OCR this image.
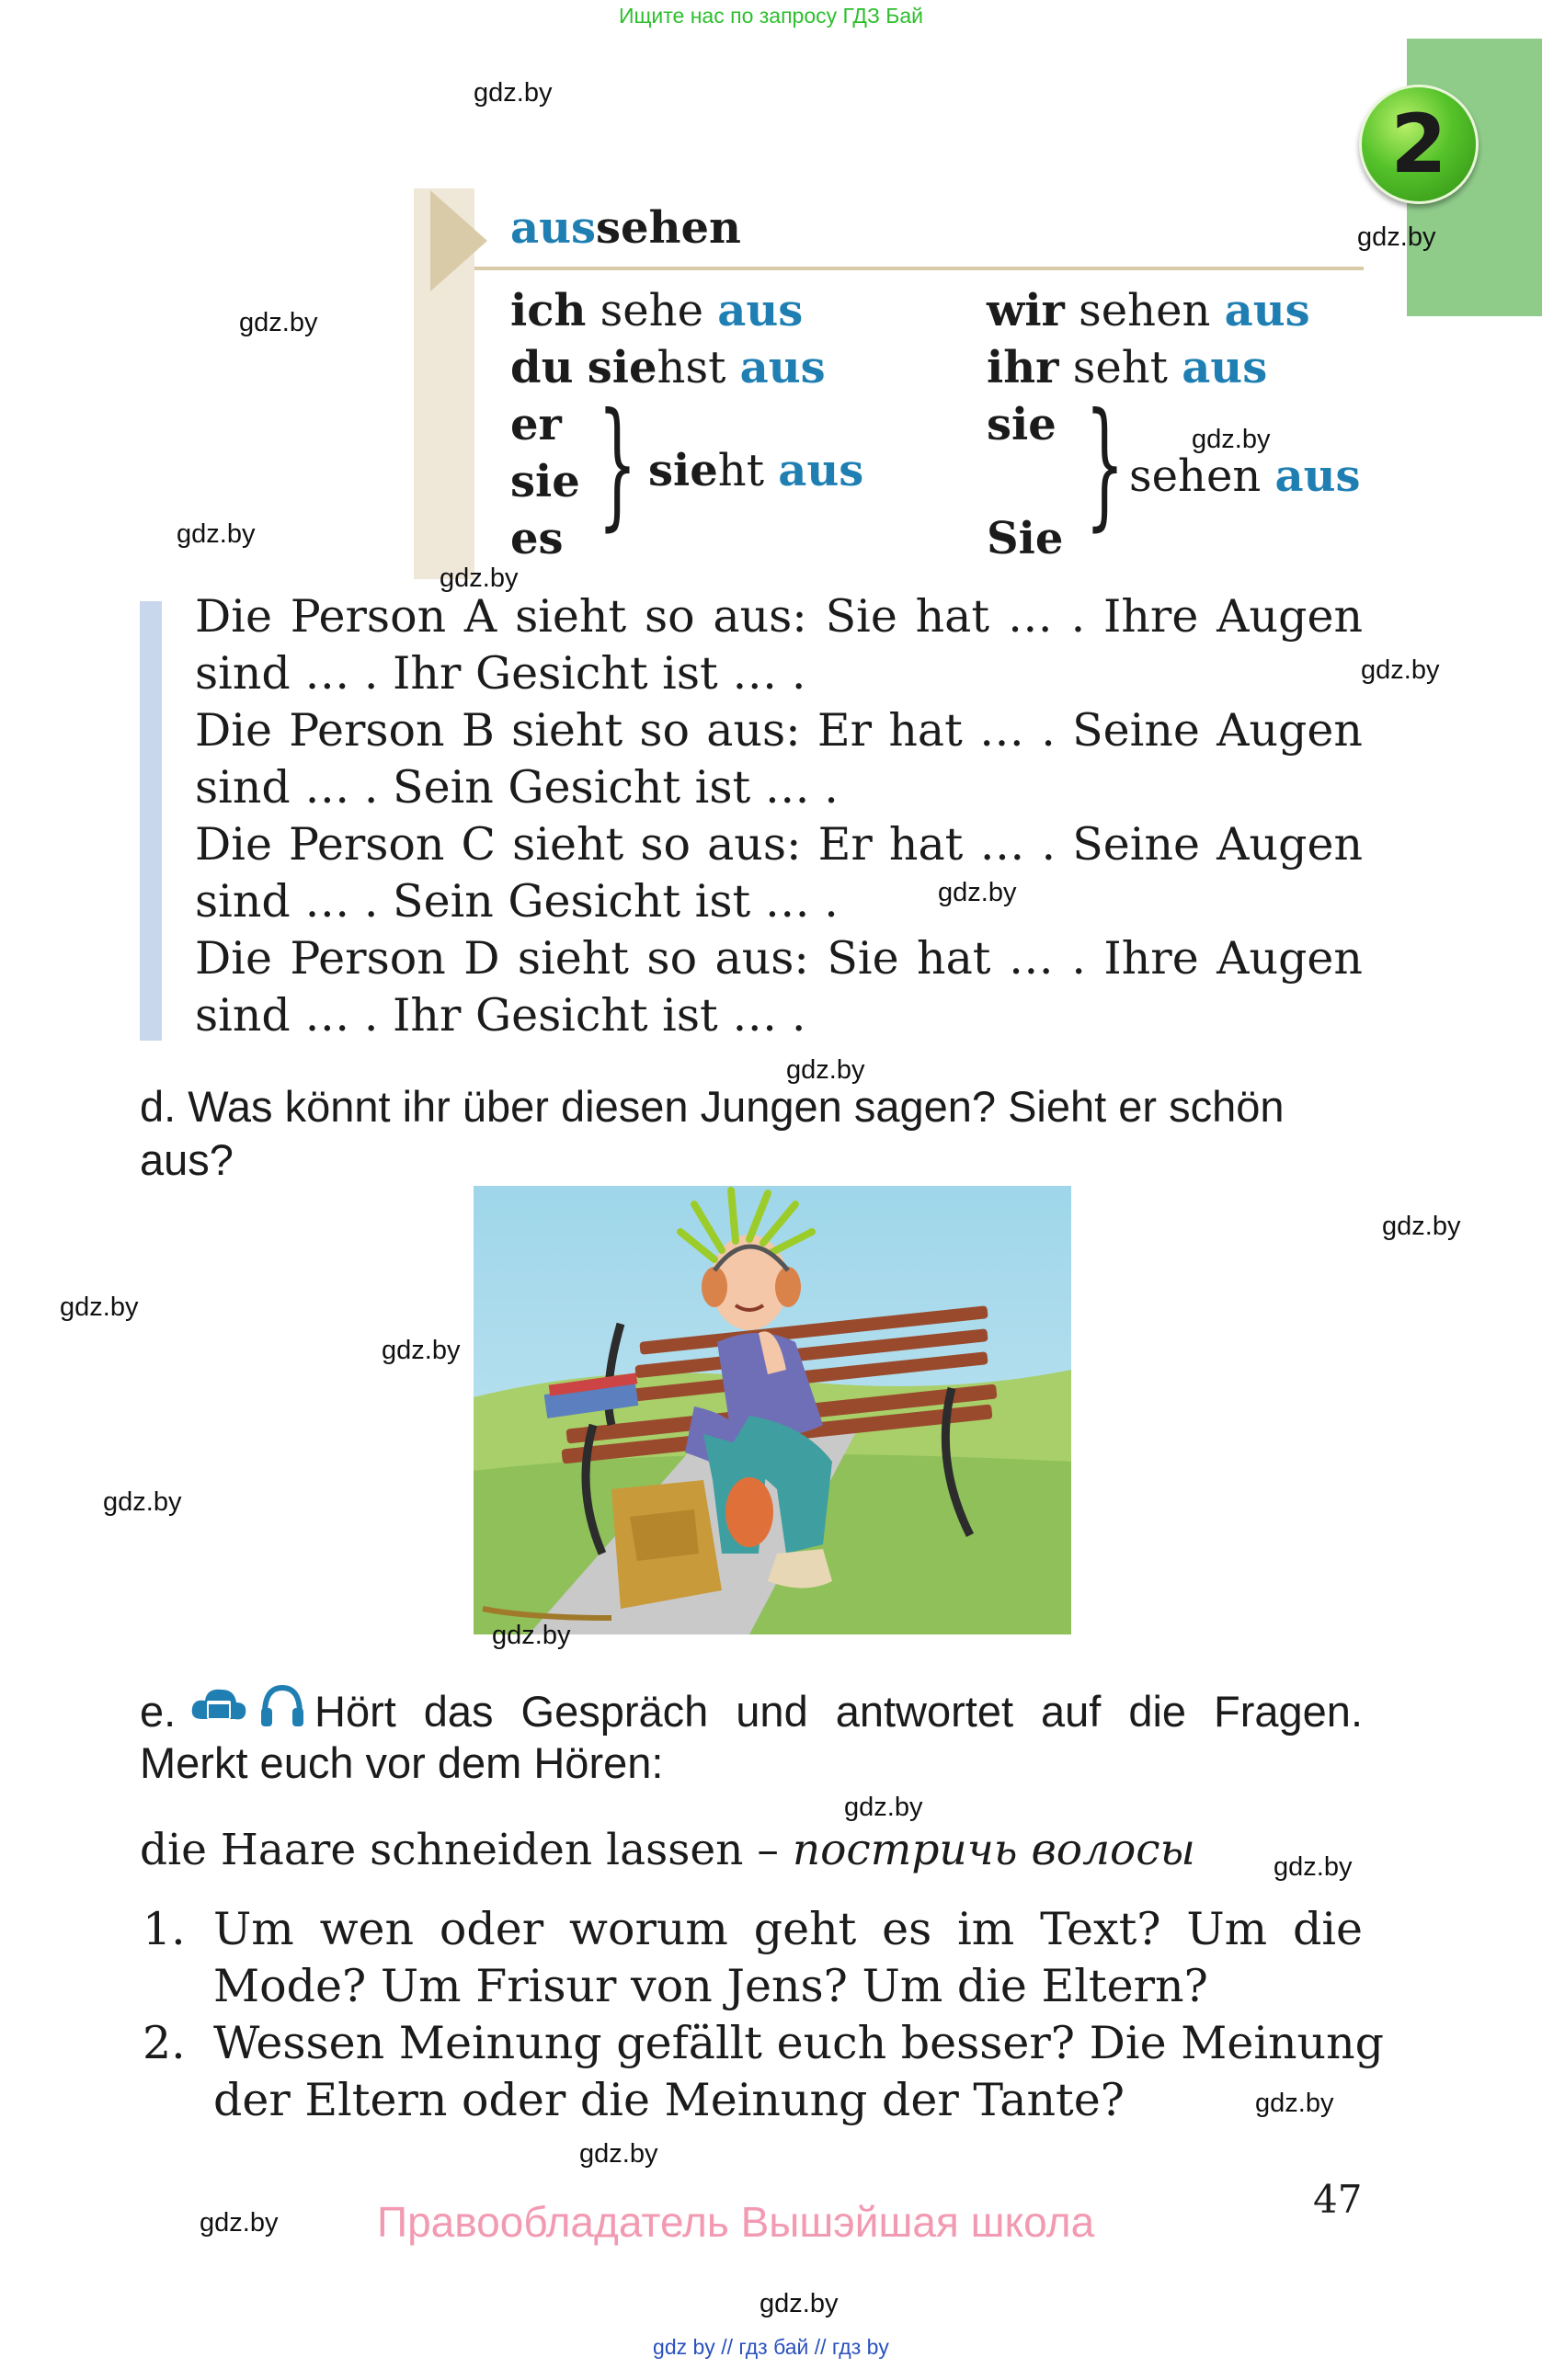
Ищите нас по запросу ГДЗ Бай
2
aussehen
ich sehe aus
du siehst aus
er
sie
es } sieht aus
wir sehen aus
ihr seht aus
sie
Sie } sehen aus
Die Person A sieht so aus: Sie hat … . Ihre Augen
sind … . Ihr Gesicht ist … .
Die Person B sieht so aus: Er hat … . Seine Augen
sind … . Sein Gesicht ist … .
Die Person C sieht so aus: Er hat … . Seine Augen
sind … . Sein Gesicht ist … .
Die Person D sieht so aus: Sie hat … . Ihre Augen
sind … . Ihr Gesicht ist … .
d. Was könnt ihr über diesen Jungen sagen? Sieht er schön
aus?
e.	Hört das Gespräch und antwortet auf die Fragen.
Merkt euch vor dem Hören:
die Haare schneiden lassen – постричь волосы
1. Um wen oder worum geht es im Text? Um die
Mode? Um Frisur von Jens? Um die Eltern?
2. Wessen Meinung gefällt euch besser? Die Meinung
der Eltern oder die Meinung der Tante?
47
Правообладатель Вышэйшая школа
gdz.by
gdz.by
gdz.by
gdz.by
gdz.by
gdz.by
gdz.by
gdz.by
gdz.by
gdz.by
gdz.by
gdz.by
gdz.by
gdz.by
gdz.by
gdz.by
gdz.by
gdz.by
gdz.by
gdz.by
gdz by // гдз бай // гдз by
